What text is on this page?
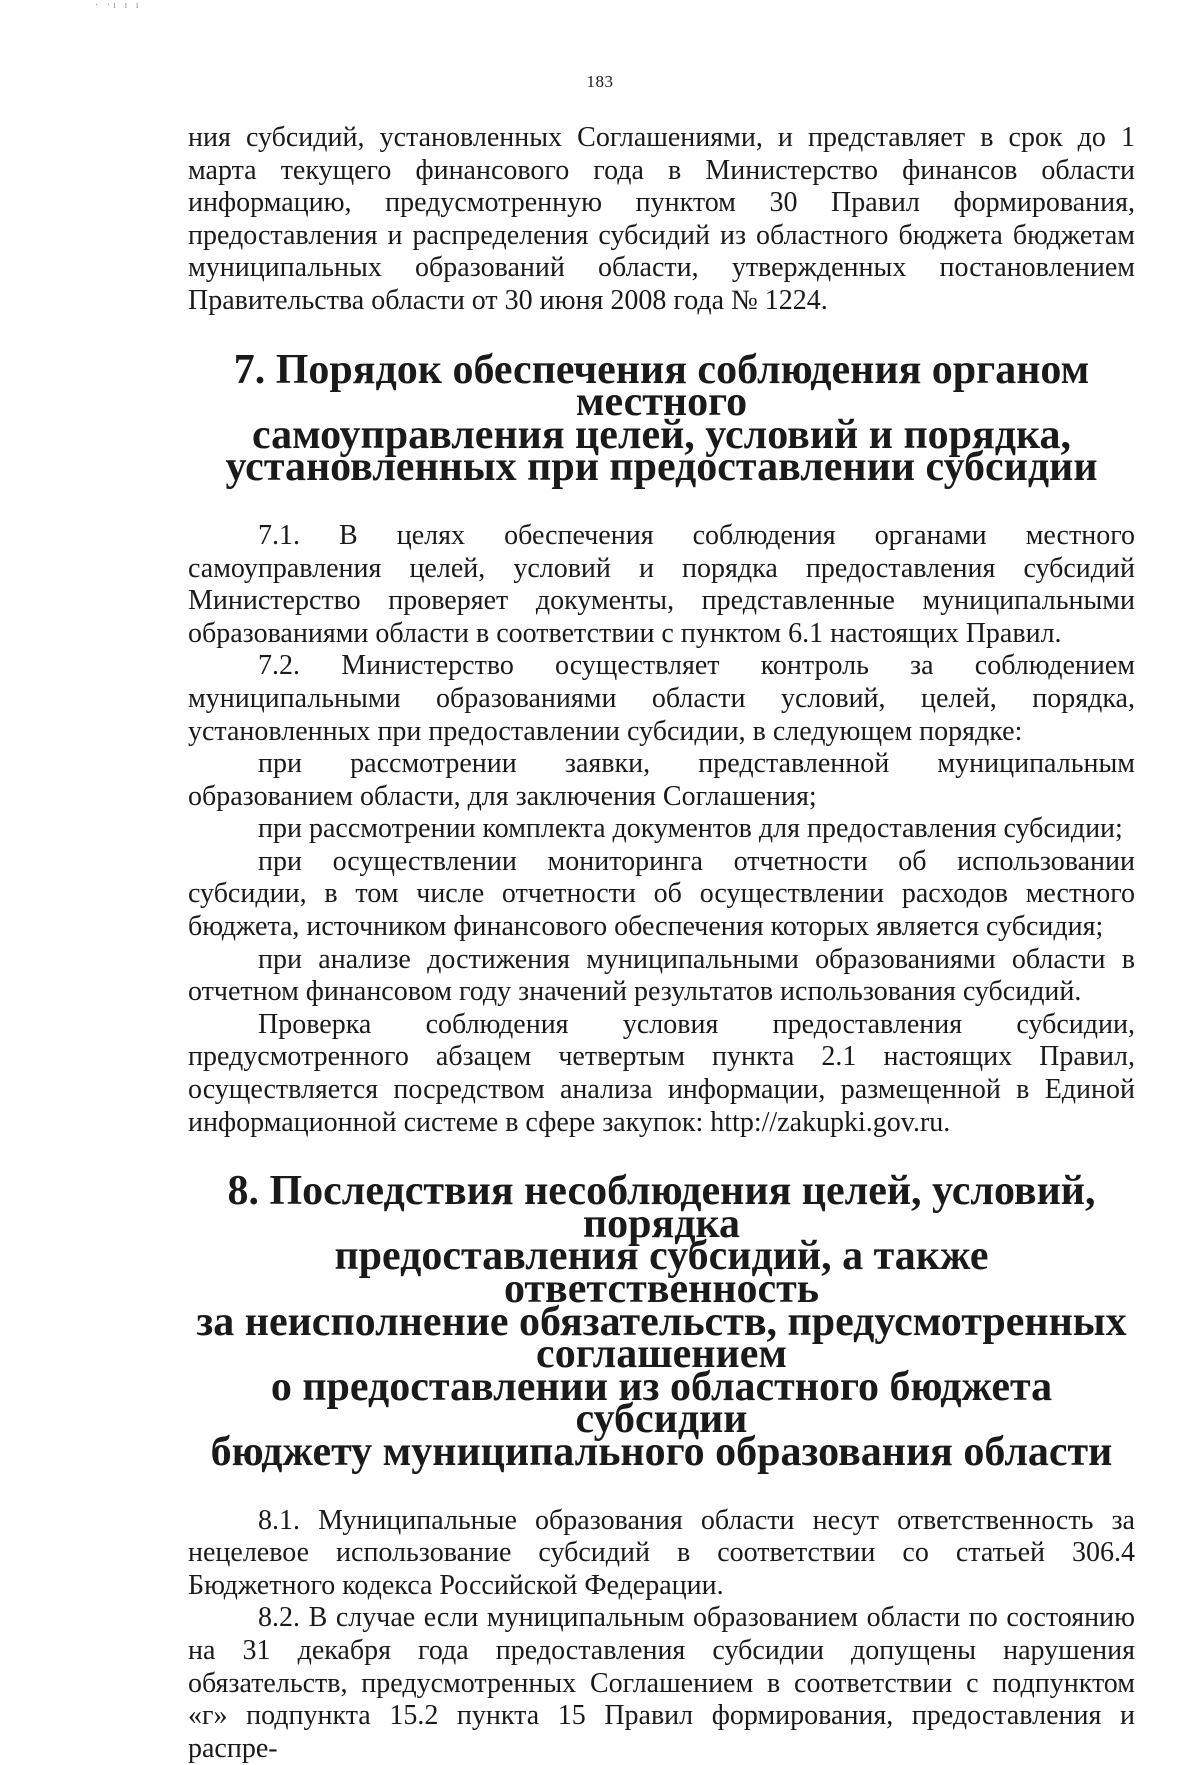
· ·ı ı ı
183

ния субсидий, установленных Соглашениями, и представляет в срок до 1 марта текущего финансового года в Министерство финансов области информацию, предусмотренную пунктом 30 Правил формирования, предоставления и распределения субсидий из областного бюджета бюджетам муниципальных образований области, утвержденных постановлением Правительства области от 30 июня 2008 года № 1224.

7. Порядок обеспечения соблюдения органом местного
самоуправления целей, условий и порядка,
установленных при предоставлении субсидии

7.1. В целях обеспечения соблюдения органами местного самоуправления целей, условий и порядка предоставления субсидий Министерство проверяет документы, представленные муниципальными образованиями области в соответствии с пунктом 6.1 настоящих Правил.

7.2. Министерство осуществляет контроль за соблюдением муниципальными образованиями области условий, целей, порядка, установленных при предоставлении субсидии, в следующем порядке:

при рассмотрении заявки, представленной муниципальным образованием области, для заключения Соглашения;

при рассмотрении комплекта документов для предоставления субсидии;

при осуществлении мониторинга отчетности об использовании субсидии, в том числе отчетности об осуществлении расходов местного бюджета, источником финансового обеспечения которых является субсидия;

при анализе достижения муниципальными образованиями области в отчетном финансовом году значений результатов использования субсидий.

Проверка соблюдения условия предоставления субсидии, предусмотренного абзацем четвертым пункта 2.1 настоящих Правил, осуществляется посредством анализа информации, размещенной в Единой информационной системе в сфере закупок: http://zakupki.gov.ru.

8. Последствия несоблюдения целей, условий, порядка
предоставления субсидий, а также ответственность
за неисполнение обязательств, предусмотренных соглашением
о предоставлении из областного бюджета субсидии
бюджету муниципального образования области

8.1. Муниципальные образования области несут ответственность за нецелевое использование субсидий в соответствии со статьей 306.4 Бюджетного кодекса Российской Федерации.

8.2. В случае если муниципальным образованием области по состоянию на 31 декабря года предоставления субсидии допущены нарушения обязательств, предусмотренных Соглашением в соответствии с подпунктом «г» подпункта 15.2 пункта 15 Правил формирования, предоставления и распре-
